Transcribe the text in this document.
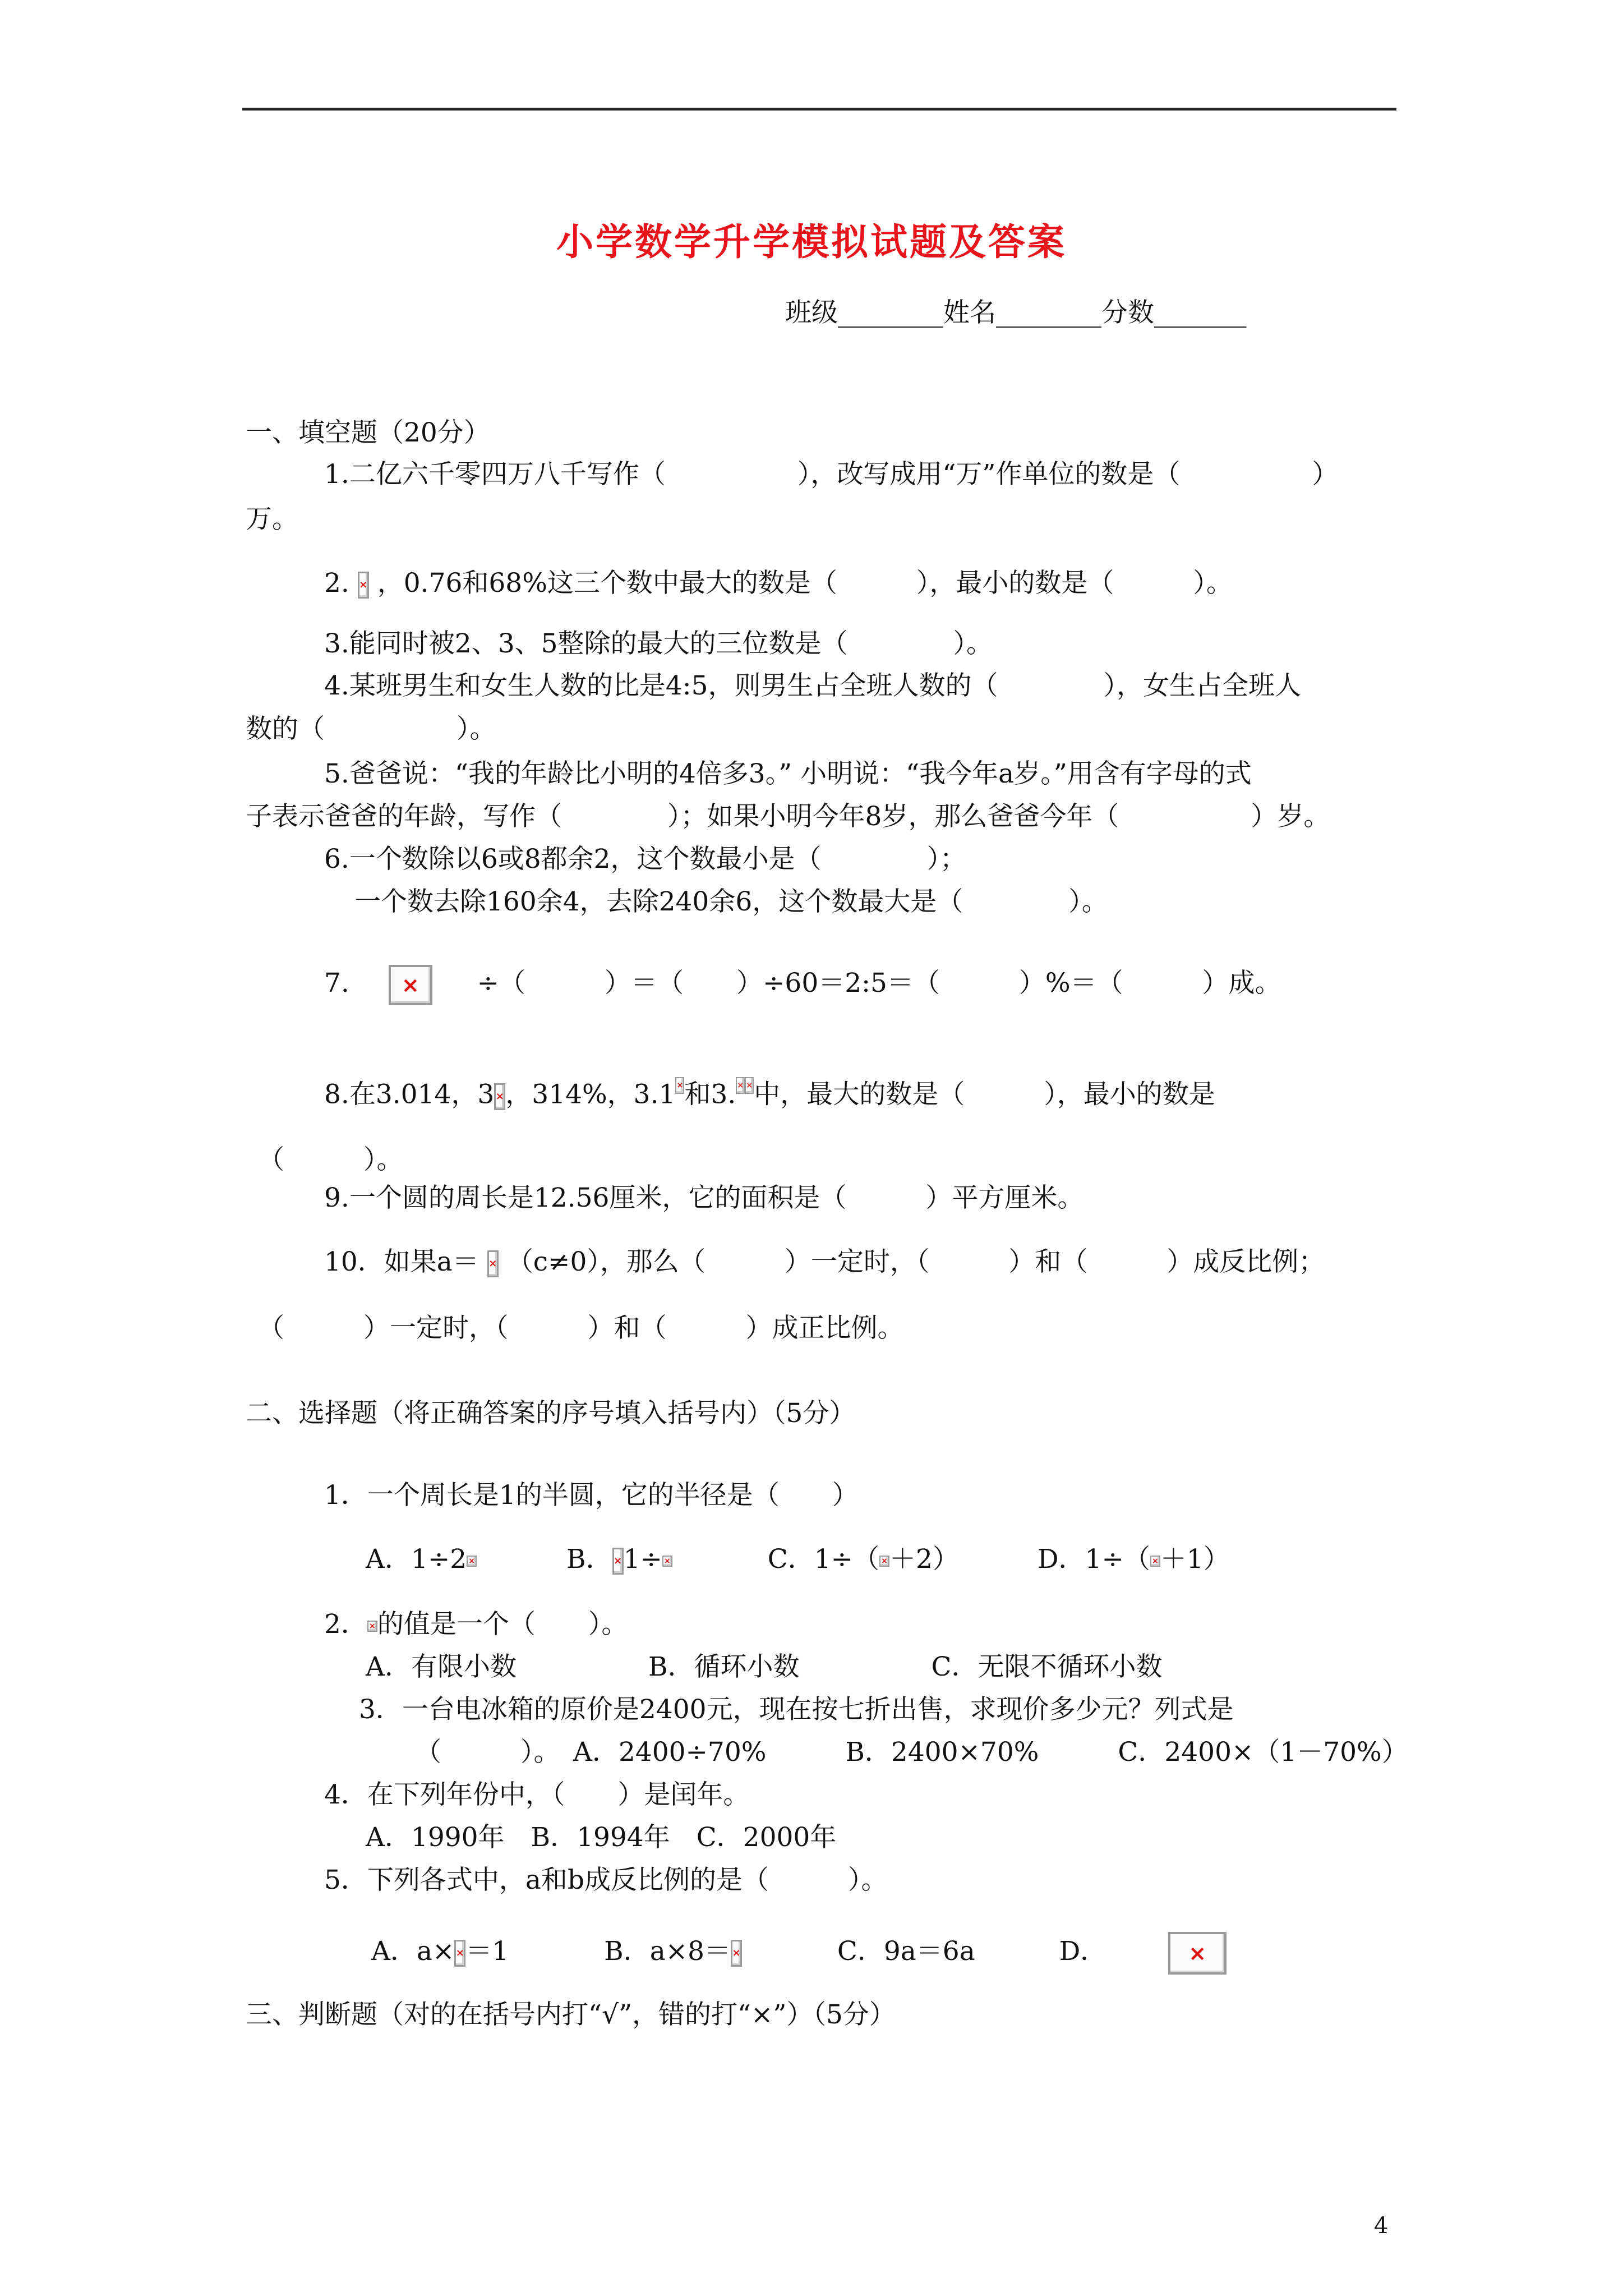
小学数学升学模拟试题及答案
班级________姓名________分数_______
一、填空题（20分）
1.二亿六千零四万八千写作（　　　　　），改写成用“万”作单位的数是（　　　　　）
万。
2. × ，0.76和68%这三个数中最大的数是（　　　），最小的数是（　　　）。
3.能同时被2、3、5整除的最大的三位数是（　　　　）。
4.某班男生和女生人数的比是4:5，则男生占全班人数的（　　　　），女生占全班人
数的（　　　　　）。
5.爸爸说：“我的年龄比小明的4倍多3。” 小明说：“我今年a岁。”用含有字母的式
子表示爸爸的年龄，写作（　　　　）；如果小明今年8岁，那么爸爸今年（　　　　　）岁。
6.一个数除以6或8都余2，这个数最小是（　　　　）；
一个数去除160余4，去除240余6，这个数最大是（　　　　）。
7. × ÷（　　　）＝（　　）÷60＝2:5＝（　　　）%＝（　　　）成。
8.在3.014，3 × ，314%，3.1 × 和3. × × 中，最大的数是（　　　），最小的数是
（　　　）。
9.一个圆的周长是12.56厘米，它的面积是（　　　）平方厘米。
10．如果a＝ × （c≠0），那么（　　　）一定时，（　　　）和（　　　）成反比例；
（　　　）一定时，（　　　）和（　　　）成正比例。
二、选择题（将正确答案的序号填入括号内）（5分）
1．一个周长是1的半圆，它的半径是（　　）
A．1÷2 ×	B． × 1÷ ×	C．1÷（ × ＋2）	D．1÷（ × ＋1）
2． × 的值是一个（　　）。
A．有限小数　　　　　B．循环小数　　　　　C．无限不循环小数
3．一台电冰箱的原价是2400元，现在按七折出售，求现价多少元？列式是
（　　　）。　A．2400÷70%　　　B．2400×70%　　　C．2400×（1－70%）
4．在下列年份中，（　　）是闰年。
A．1990年　B．1994年　C．2000年
5．下列各式中，a和b成反比例的是（　　　）。
A．a× × ＝1	B．a×8＝ ×	C．9a＝6a	D．	×
三、判断题（对的在括号内打“√”，错的打“×”）（5分）
4
